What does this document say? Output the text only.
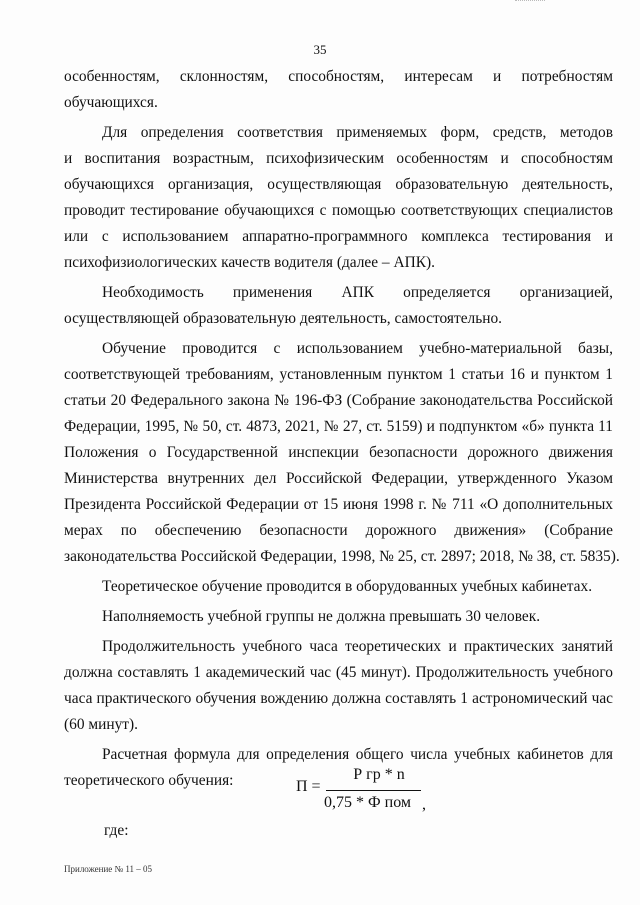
35
особенностям, склонностям, способностям, интересам и потребностям
обучающихся.
Для определения соответствия применяемых форм, средств, методов
и воспитания возрастным, психофизическим особенностям и способностям
обучающихся организация, осуществляющая образовательную деятельность,
проводит тестирование обучающихся с помощью соответствующих специалистов
или с использованием аппаратно-программного комплекса тестирования и
психофизиологических качеств водителя (далее – АПК).
Необходимость применения АПК определяется организацией,
осуществляющей образовательную деятельность, самостоятельно.
Обучение проводится с использованием учебно-материальной базы,
соответствующей требованиям, установленным пунктом 1 статьи 16 и пунктом 1
статьи 20 Федерального закона № 196-ФЗ (Собрание законодательства Российской
Федерации, 1995, № 50, ст. 4873, 2021, № 27, ст. 5159) и подпунктом «б» пункта 11
Положения о Государственной инспекции безопасности дорожного движения
Министерства внутренних дел Российской Федерации, утвержденного Указом
Президента Российской Федерации от 15 июня 1998 г. № 711 «О дополнительных
мерах по обеспечению безопасности дорожного движения» (Собрание
законодательства Российской Федерации, 1998, № 25, ст. 2897; 2018, № 38, ст. 5835).
Теоретическое обучение проводится в оборудованных учебных кабинетах.
Наполняемость учебной группы не должна превышать 30 человек.
Продолжительность учебного часа теоретических и практических занятий
должна составлять 1 академический час (45 минут). Продолжительность учебного
часа практического обучения вождению должна составлять 1 астрономический час
(60 минут).
Расчетная формула для определения общего числа учебных кабинетов для
теоретического обучения:	П =
Р гр * n
0,75 * Ф пом ,
где:
Приложение № 11 – 05
